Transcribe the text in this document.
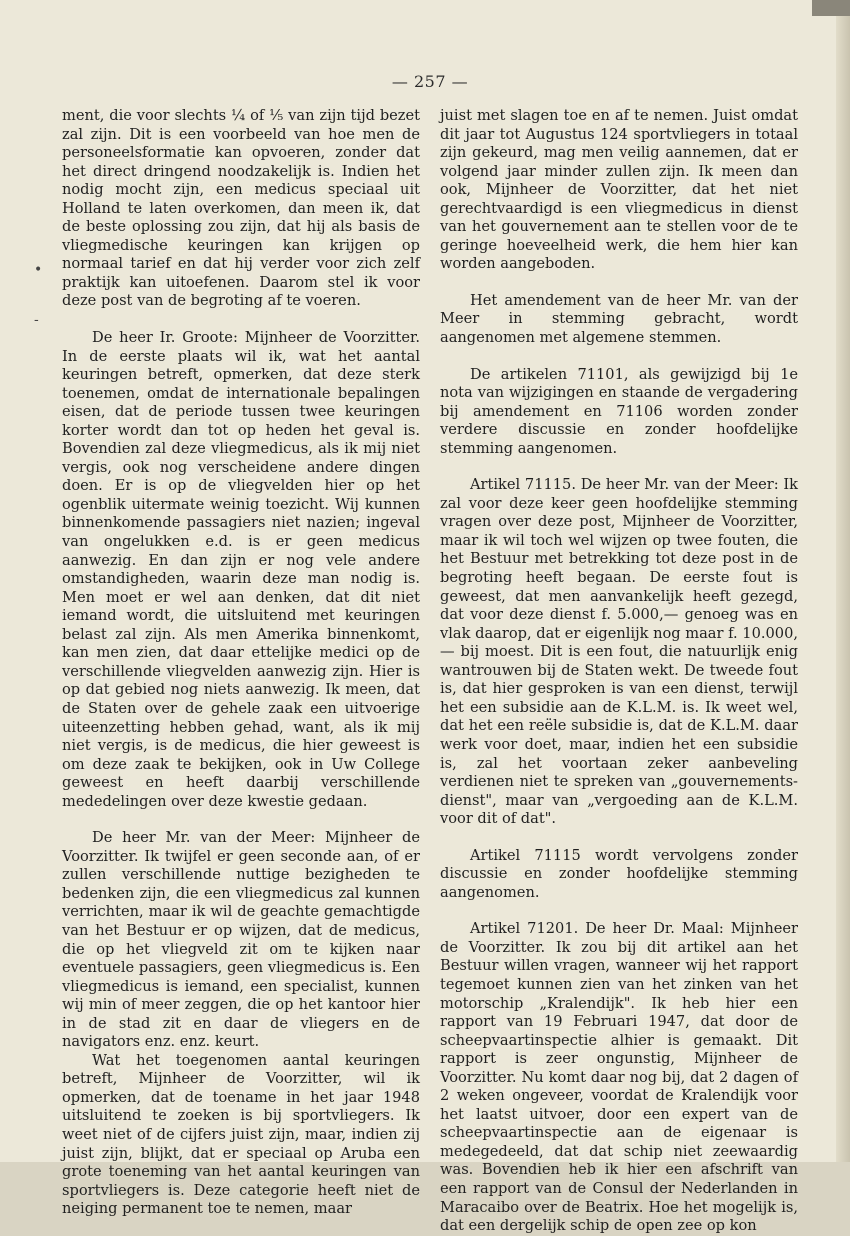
— 257 —
•
-

ment, die voor slechts ¼ of ⅕ van zijn tijd bezet zal zijn. Dit is een voorbeeld van hoe men de personeelsformatie kan opvoeren, zonder dat het direct dringend noodzakelijk is. Indien het nodig mocht zijn, een medicus speciaal uit Holland te laten overkomen, dan meen ik, dat de beste oplossing zou zijn, dat hij als basis de vliegmedische keuringen kan krijgen op normaal tarief en dat hij verder voor zich zelf praktijk kan uitoefenen. Daarom stel ik voor deze post van de begroting af te voeren.

De heer Ir. Groote: Mijnheer de Voorzitter. In de eerste plaats wil ik, wat het aantal keuringen betreft, opmerken, dat deze sterk toenemen, omdat de internationale bepalingen eisen, dat de periode tussen twee keuringen korter wordt dan tot op heden het geval is. Bovendien zal deze vliegmedicus, als ik mij niet vergis, ook nog verscheidene andere dingen doen. Er is op de vliegvelden hier op het ogenblik uitermate weinig toezicht. Wij kunnen binnenkomende passagiers niet nazien; ingeval van ongelukken e.d. is er geen medicus aanwezig. En dan zijn er nog vele andere omstandigheden, waarin deze man nodig is. Men moet er wel aan denken, dat dit niet iemand wordt, die uitsluitend met keuringen belast zal zijn. Als men Amerika binnenkomt, kan men zien, dat daar ettelijke medici op de verschillende vliegvelden aanwezig zijn. Hier is op dat gebied nog niets aanwezig. Ik meen, dat de Staten over de gehele zaak een uitvoerige uiteenzetting hebben gehad, want, als ik mij niet vergis, is de medicus, die hier geweest is om deze zaak te bekijken, ook in Uw College geweest en heeft daarbij verschillende mededelingen over deze kwestie gedaan.

De heer Mr. van der Meer: Mijnheer de Voorzitter. Ik twijfel er geen seconde aan, of er zullen verschillende nuttige bezigheden te bedenken zijn, die een vliegmedicus zal kunnen verrichten, maar ik wil de geachte gemachtigde van het Bestuur er op wijzen, dat de medicus, die op het vliegveld zit om te kijken naar eventuele passagiers, geen vliegmedicus is. Een vliegmedicus is iemand, een specialist, kunnen wij min of meer zeggen, die op het kantoor hier in de stad zit en daar de vliegers en de navigators enz. enz. keurt.

Wat het toegenomen aantal keuringen betreft, Mijnheer de Voorzitter, wil ik opmerken, dat de toename in het jaar 1948 uitsluitend te zoeken is bij sportvliegers. Ik weet niet of de cijfers juist zijn, maar, indien zij juist zijn, blijkt, dat er speciaal op Aruba een grote toeneming van het aantal keuringen van sportvliegers is. Deze categorie heeft niet de neiging permanent toe te nemen, maar

juist met slagen toe en af te nemen. Juist omdat dit jaar tot Augustus 124 sportvliegers in totaal zijn gekeurd, mag men veilig aannemen, dat er volgend jaar minder zullen zijn. Ik meen dan ook, Mijnheer de Voorzitter, dat het niet gerechtvaardigd is een vliegmedicus in dienst van het gouvernement aan te stellen voor de te geringe hoeveelheid werk, die hem hier kan worden aangeboden.

Het amendement van de heer Mr. van der Meer in stemming gebracht, wordt aangenomen met algemene stemmen.

De artikelen 71101, als gewijzigd bij 1e nota van wijzigingen en staande de vergadering bij amendement en 71106 worden zonder verdere discussie en zonder hoofdelijke stemming aangenomen.

Artikel 71115. De heer Mr. van der Meer: Ik zal voor deze keer geen hoofdelijke stemming vragen over deze post, Mijnheer de Voorzitter, maar ik wil toch wel wijzen op twee fouten, die het Bestuur met betrekking tot deze post in de begroting heeft begaan. De eerste fout is geweest, dat men aanvankelijk heeft gezegd, dat voor deze dienst f. 5.000,— genoeg was en vlak daarop, dat er eigenlijk nog maar f. 10.000,— bij moest. Dit is een fout, die natuurlijk enig wantrouwen bij de Staten wekt. De tweede fout is, dat hier gesproken is van een dienst, terwijl het een subsidie aan de K.L.M. is. Ik weet wel, dat het een reële subsidie is, dat de K.L.M. daar werk voor doet, maar, indien het een subsidie is, zal het voortaan zeker aanbeveling verdienen niet te spreken van „gouvernements-dienst", maar van „vergoeding aan de K.L.M. voor dit of dat".

Artikel 71115 wordt vervolgens zonder discussie en zonder hoofdelijke stemming aangenomen.

Artikel 71201. De heer Dr. Maal: Mijnheer de Voorzitter. Ik zou bij dit artikel aan het Bestuur willen vragen, wanneer wij het rapport tegemoet kunnen zien van het zinken van het motorschip „Kralendijk". Ik heb hier een rapport van 19 Februari 1947, dat door de scheepvaartinspectie alhier is gemaakt. Dit rapport is zeer ongunstig, Mijnheer de Voorzitter. Nu komt daar nog bij, dat 2 dagen of 2 weken ongeveer, voordat de Kralendijk voor het laatst uitvoer, door een expert van de scheepvaartinspectie aan de eigenaar is medegedeeld, dat dat schip niet zeewaardig was. Bovendien heb ik hier een afschrift van een rapport van de Consul der Nederlanden in Maracaibo over de Beatrix. Hoe het mogelijk is, dat een dergelijk schip de open zee op kon
